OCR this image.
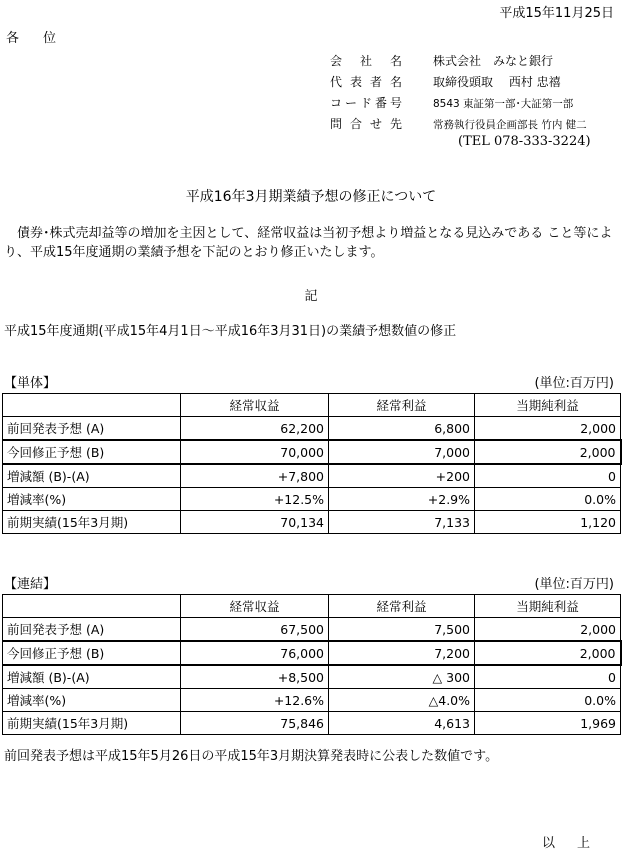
平成15年11月25日
各位
会社名	株式会社　みなと銀行
代表者名	取締役頭取　 西村 忠禧
コード番号	8543 東証第一部･大証第一部
問合せ先	常務執行役員企画部長 竹内 健二
(TEL 078-333-3224)
平成16年3月期業績予想の修正について
　債券･株式売却益等の増加を主因として、経常収益は当初予想より増益となる見込みである こと等により、平成15年度通期の業績予想を下記のとおり修正いたします。
記
平成15年度通期(平成15年4月1日～平成16年3月31日)の業績予想数値の修正
【単体】	(単位:百万円)
	経常収益	経常利益	当期純利益
前回発表予想 (A)	62,200	6,800	2,000
今回修正予想 (B)	70,000	7,000	2,000
増減額 (B)-(A)	+7,800	+200	0
増減率(%)	+12.5%	+2.9%	0.0%
前期実績(15年3月期)	70,134	7,133	1,120
【連結】	(単位:百万円)
	経常収益	経常利益	当期純利益
前回発表予想 (A)	67,500	7,500	2,000
今回修正予想 (B)	76,000	7,200	2,000
増減額 (B)-(A)	+8,500	△ 300	0
増減率(%)	+12.6%	△4.0%	0.0%
前期実績(15年3月期)	75,846	4,613	1,969
前回発表予想は平成15年5月26日の平成15年3月期決算発表時に公表した数値です。
以上
